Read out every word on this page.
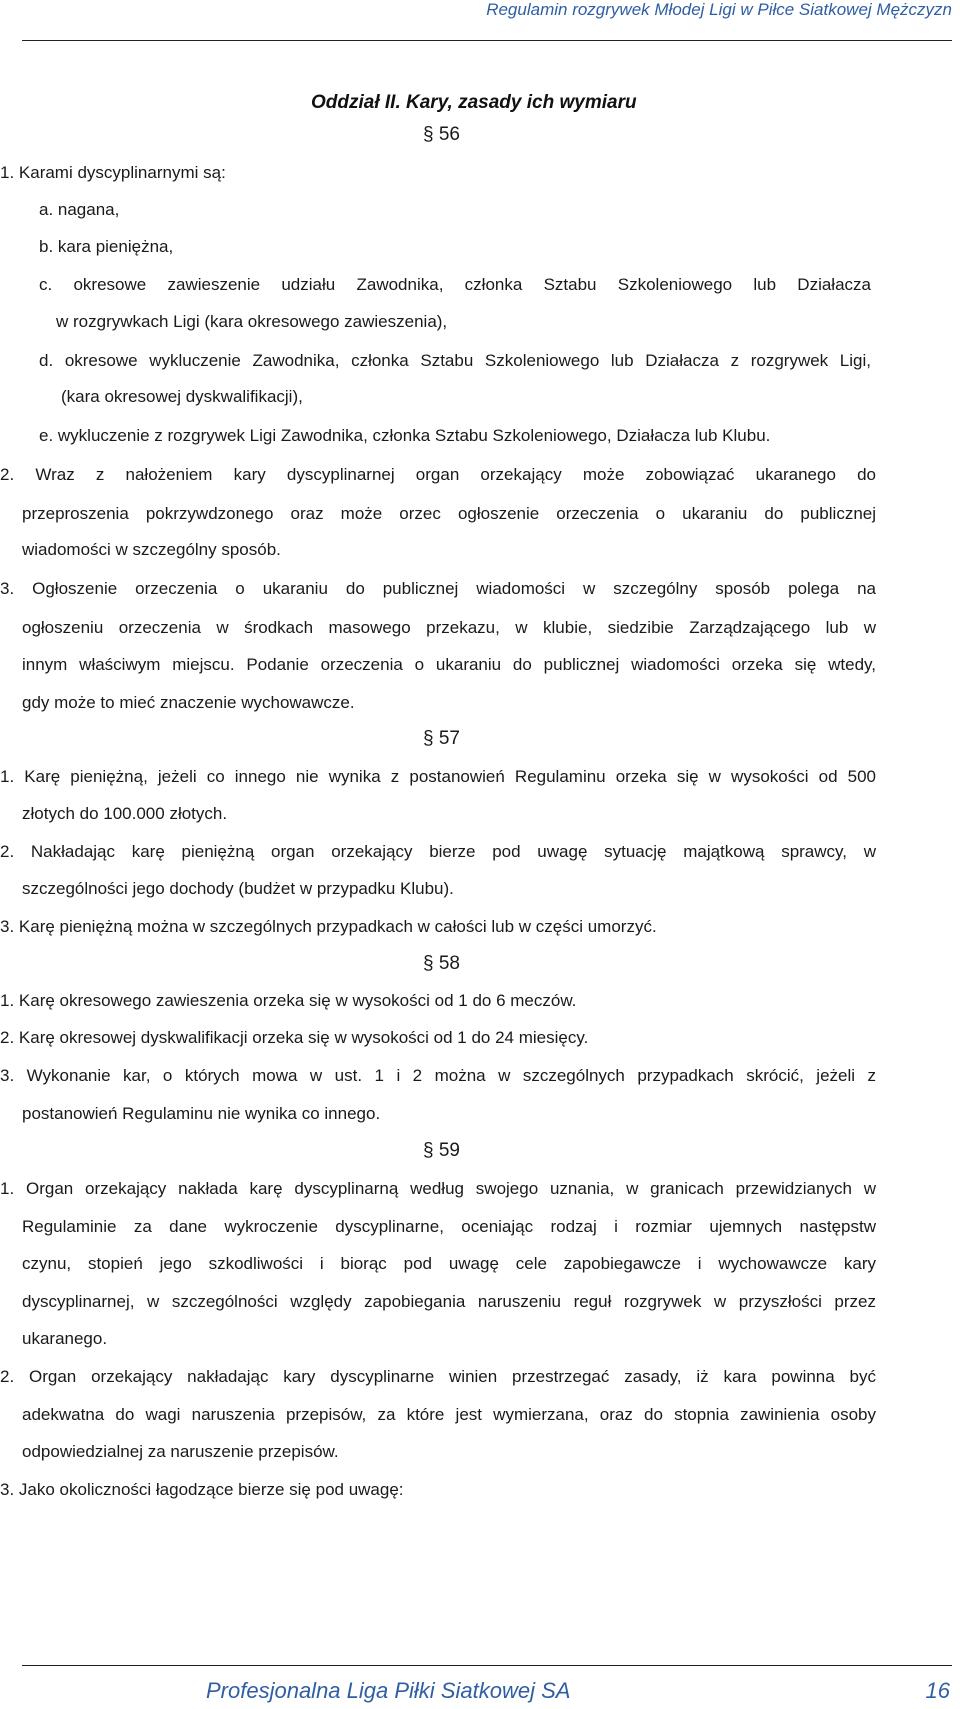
Regulamin rozgrywek Młodej Ligi w Piłce Siatkowej Mężczyzn
Oddział II. Kary, zasady ich wymiaru
§ 56
1. Karami dyscyplinarnymi są:
a. nagana,
b. kara pieniężna,
c. okresowe zawieszenie udziału Zawodnika, członka Sztabu Szkoleniowego lub Działacza
w rozgrywkach Ligi (kara okresowego zawieszenia),
d. okresowe wykluczenie Zawodnika, członka Sztabu Szkoleniowego lub Działacza z rozgrywek Ligi,
(kara okresowej dyskwalifikacji),
e. wykluczenie z rozgrywek Ligi Zawodnika, członka Sztabu Szkoleniowego, Działacza lub Klubu.
2. Wraz z nałożeniem kary dyscyplinarnej organ orzekający może zobowiązać ukaranego do
przeproszenia pokrzywdzonego oraz może orzec ogłoszenie orzeczenia o ukaraniu do publicznej
wiadomości w szczególny sposób.
3. Ogłoszenie orzeczenia o ukaraniu do publicznej wiadomości w szczególny sposób polega na
ogłoszeniu orzeczenia w środkach masowego przekazu, w klubie, siedzibie Zarządzającego lub w
innym właściwym miejscu. Podanie orzeczenia o ukaraniu do publicznej wiadomości orzeka się wtedy,
gdy może to mieć znaczenie wychowawcze.
§ 57
1. Karę pieniężną, jeżeli co innego nie wynika z postanowień Regulaminu orzeka się w wysokości od 500
złotych do 100.000 złotych.
2. Nakładając karę pieniężną organ orzekający bierze pod uwagę sytuację majątkową sprawcy, w
szczególności jego dochody (budżet w przypadku Klubu).
3. Karę pieniężną można w szczególnych przypadkach w całości lub w części umorzyć.
§ 58
1. Karę okresowego zawieszenia orzeka się w wysokości od 1 do 6 meczów.
2. Karę okresowej dyskwalifikacji orzeka się w wysokości od 1 do 24 miesięcy.
3. Wykonanie kar, o których mowa w ust. 1 i 2 można w szczególnych przypadkach skrócić, jeżeli z
postanowień Regulaminu nie wynika co innego.
§ 59
1. Organ orzekający nakłada karę dyscyplinarną według swojego uznania, w granicach przewidzianych w
Regulaminie za dane wykroczenie dyscyplinarne, oceniając rodzaj i rozmiar ujemnych następstw
czynu, stopień jego szkodliwości i biorąc pod uwagę cele zapobiegawcze i wychowawcze kary
dyscyplinarnej, w szczególności względy zapobiegania naruszeniu reguł rozgrywek w przyszłości przez
ukaranego.
2. Organ orzekający nakładając kary dyscyplinarne winien przestrzegać zasady, iż kara powinna być
adekwatna do wagi naruszenia przepisów, za które jest wymierzana, oraz do stopnia zawinienia osoby
odpowiedzialnej za naruszenie przepisów.
3. Jako okoliczności łagodzące bierze się pod uwagę:
Profesjonalna Liga Piłki Siatkowej SA	16
